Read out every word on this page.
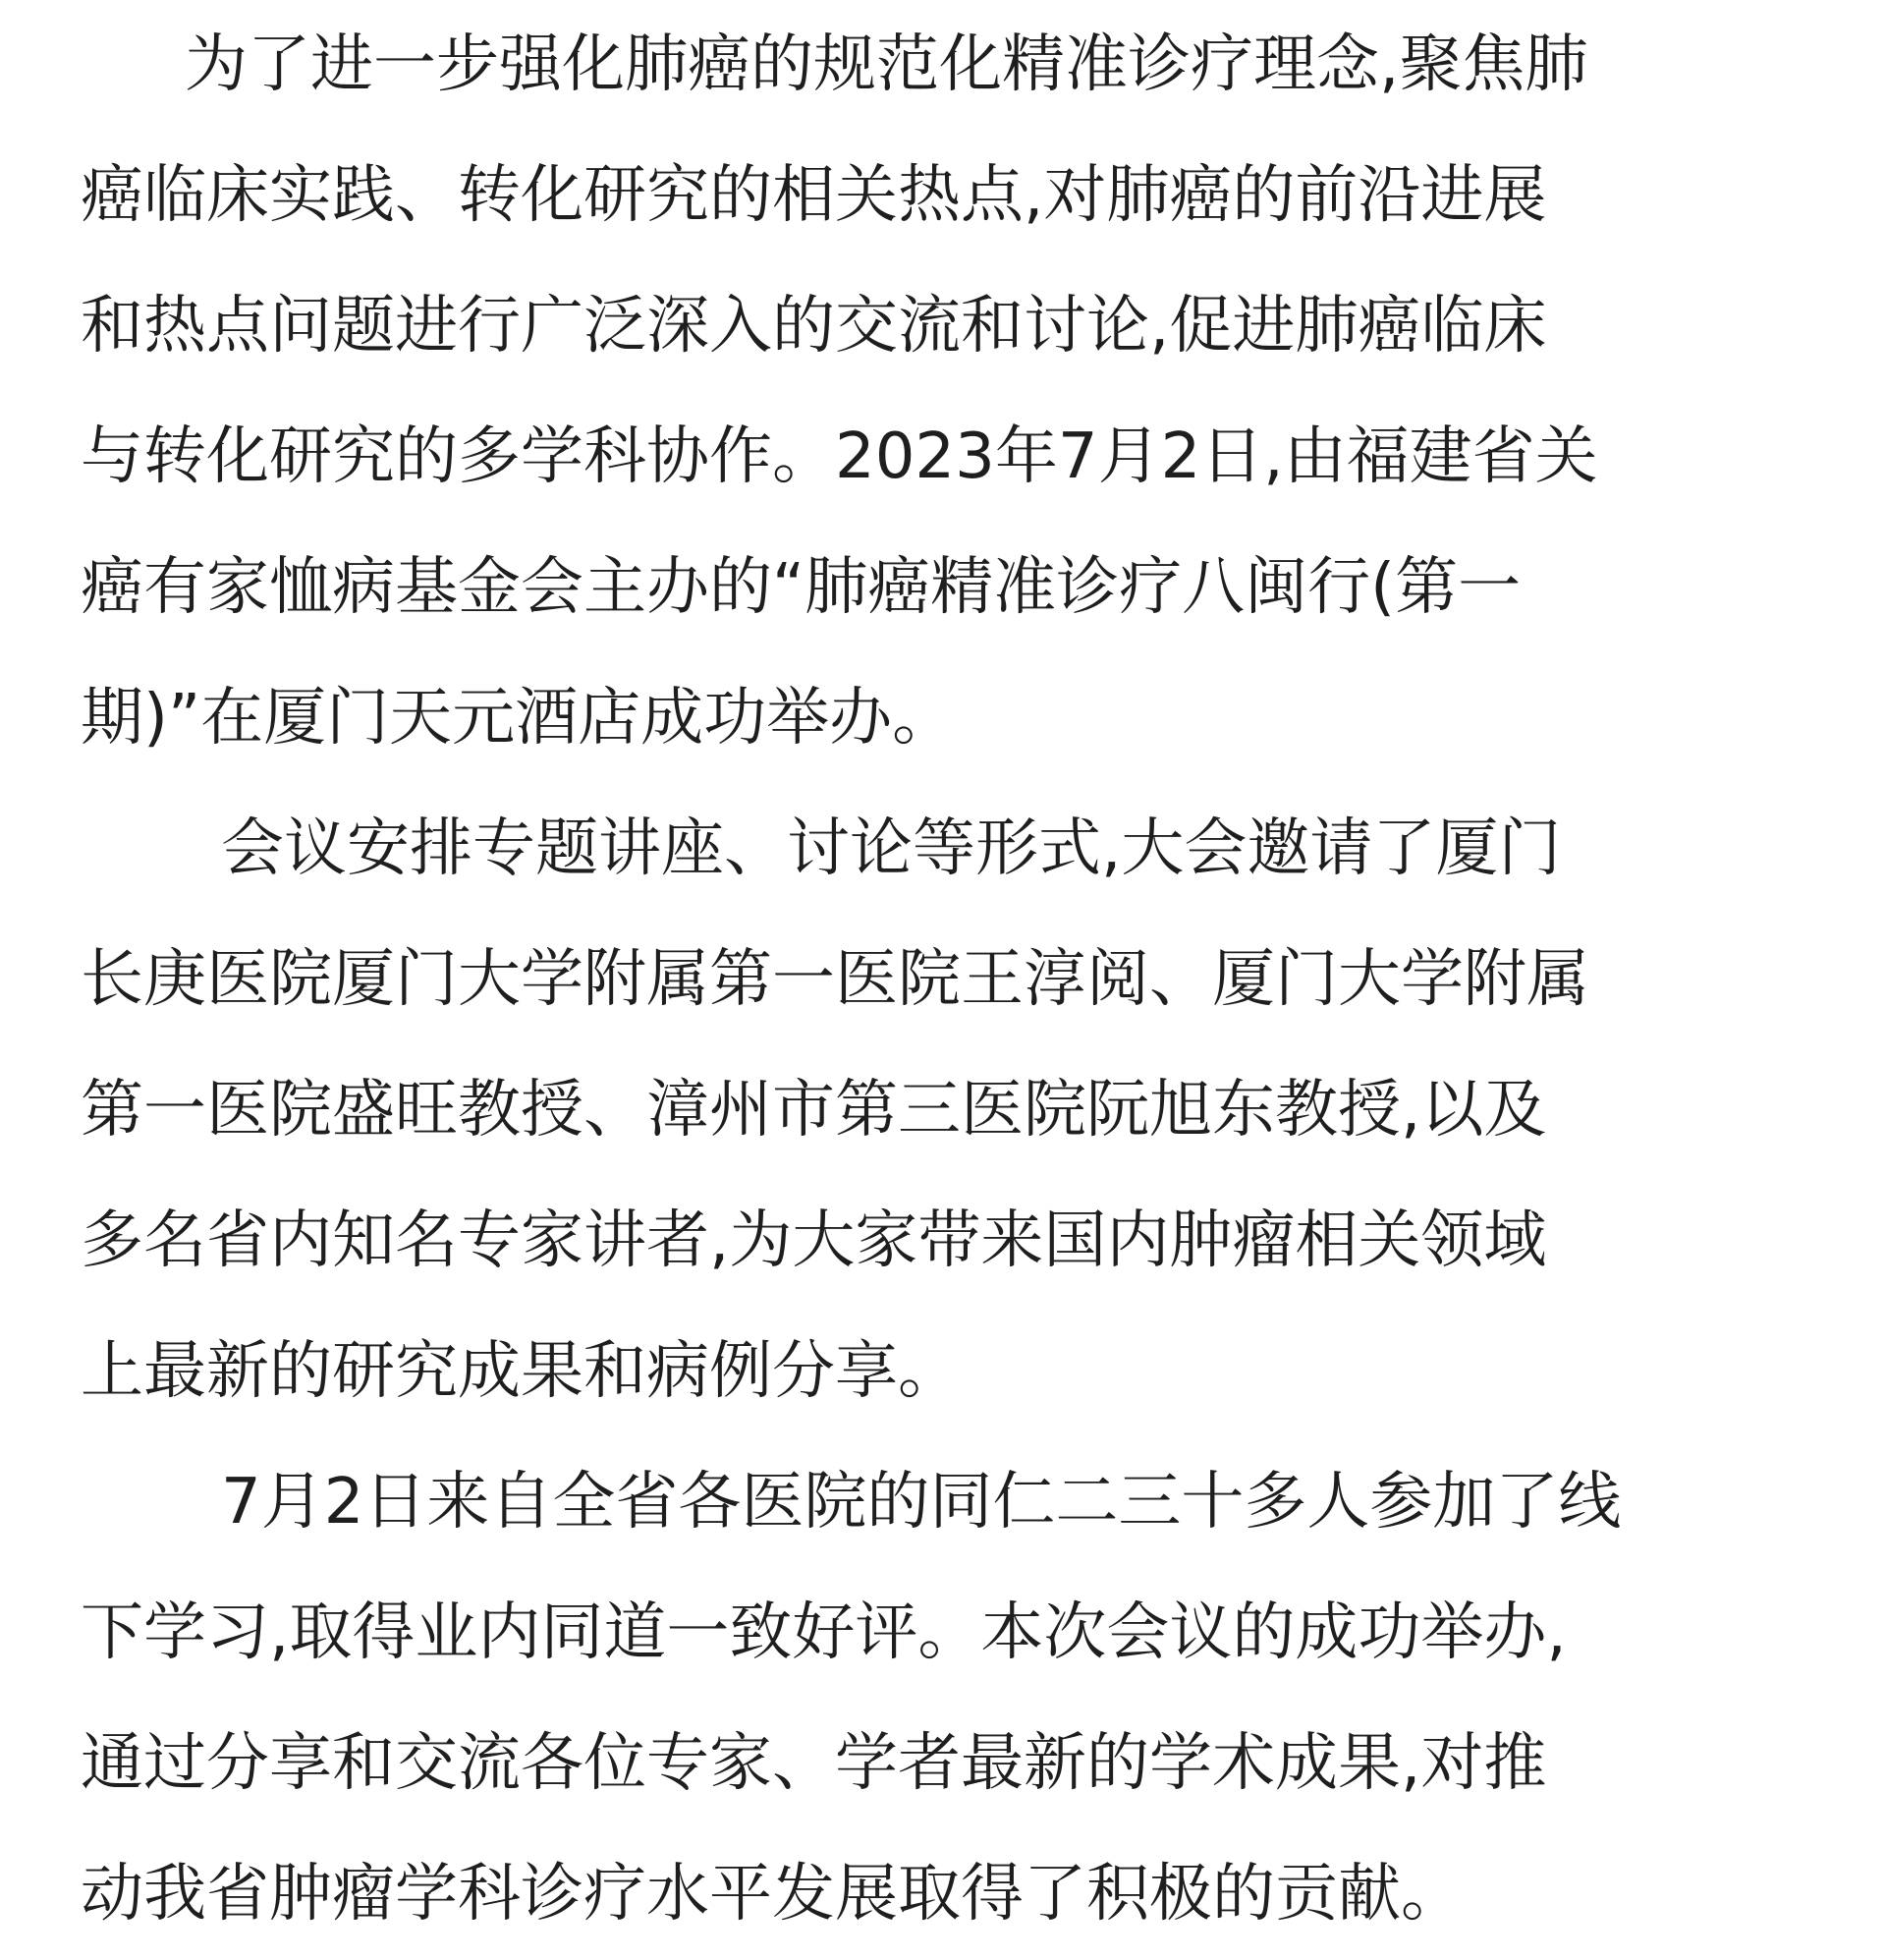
为了进一步强化肺癌的规范化精准诊疗理念,聚焦肺
癌临床实践、转化研究的相关热点,对肺癌的前沿进展
和热点问题进行广泛深入的交流和讨论,促进肺癌临床
与转化研究的多学科协作。2023年7月2日,由福建省关
癌有家恤病基金会主办的“肺癌精准诊疗八闽行(第一
期)”在厦门天元酒店成功举办。

会议安排专题讲座、讨论等形式,大会邀请了厦门
长庚医院厦门大学附属第一医院王淳阅、厦门大学附属
第一医院盛旺教授、漳州市第三医院阮旭东教授,以及
多名省内知名专家讲者,为大家带来国内肿瘤相关领域
上最新的研究成果和病例分享。

7月2日来自全省各医院的同仁二三十多人参加了线
下学习,取得业内同道一致好评。本次会议的成功举办,
通过分享和交流各位专家、学者最新的学术成果,对推
动我省肿瘤学科诊疗水平发展取得了积极的贡献。
